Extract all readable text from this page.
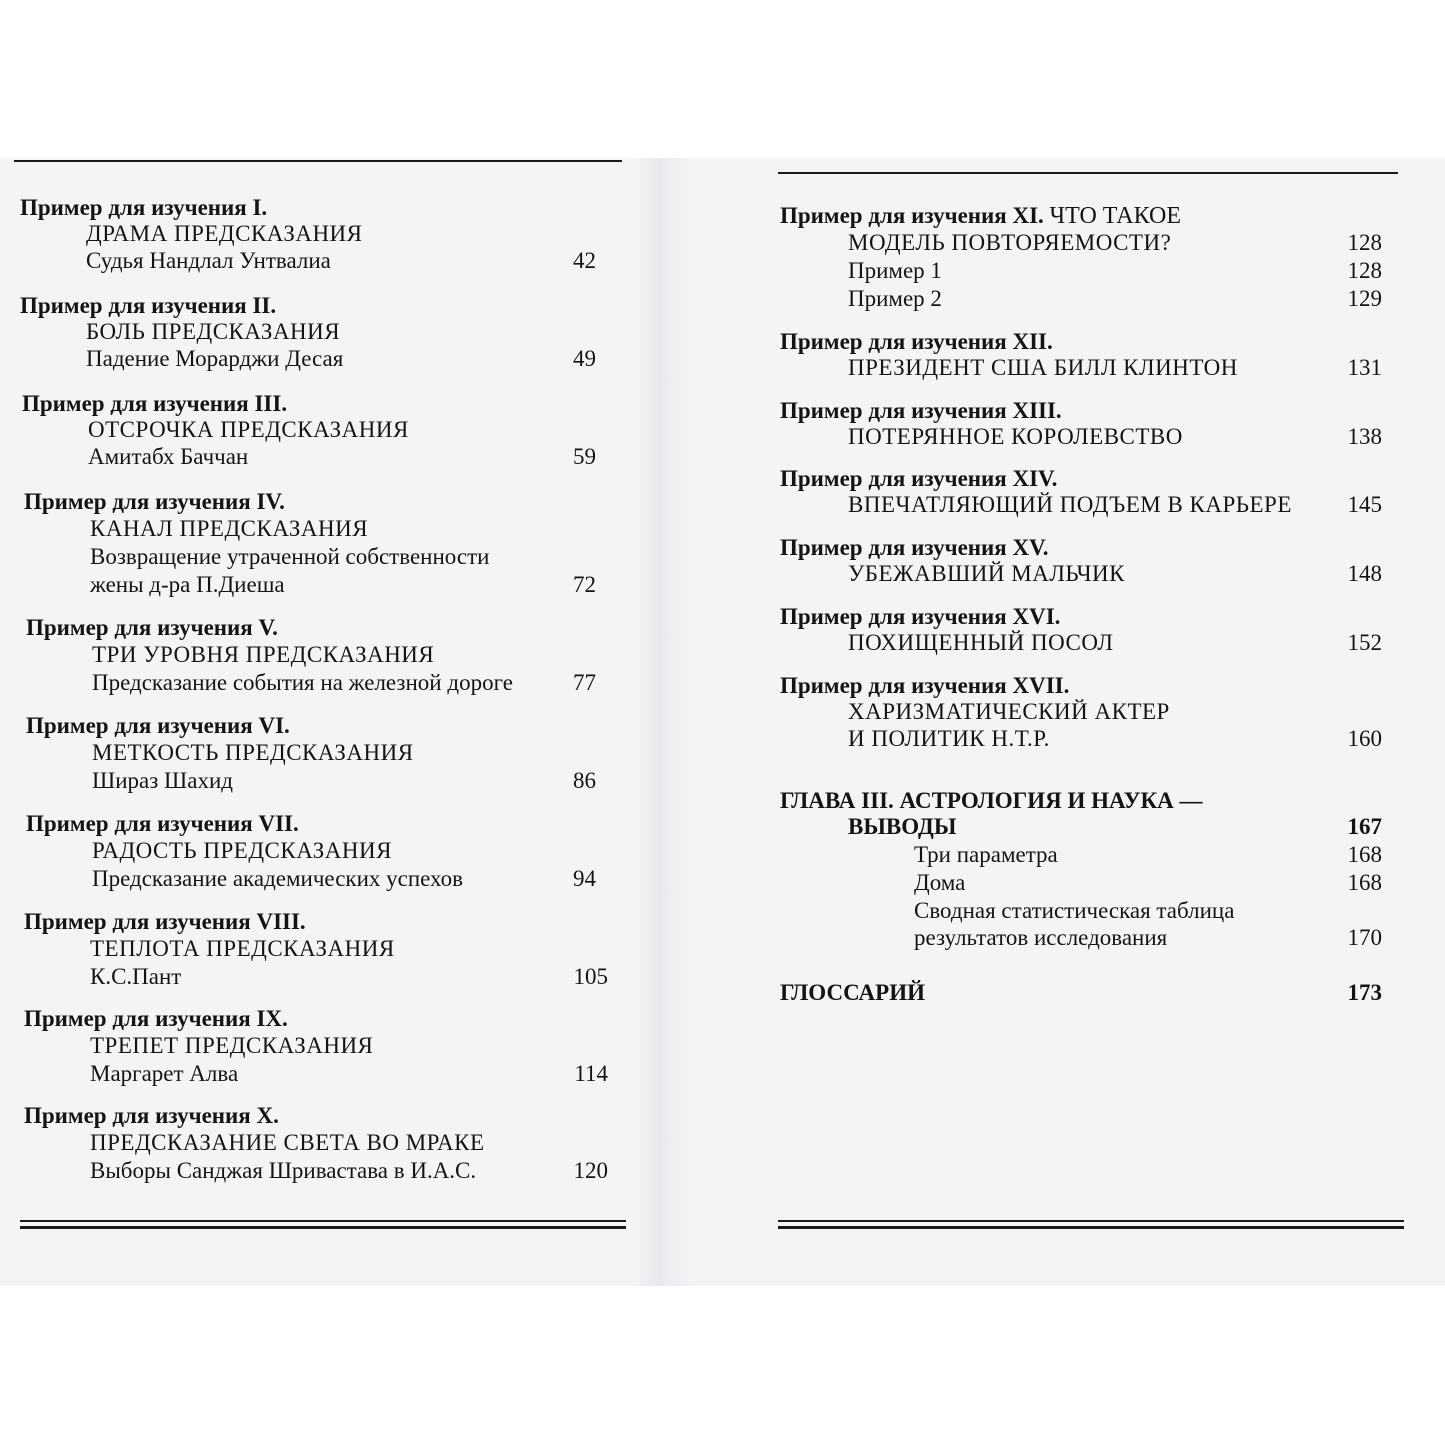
Пример для изучения I.
ДРАМА ПРЕДСКАЗАНИЯ
Судья Нандлал Унтвалиа	42
Пример для изучения II.
БОЛЬ ПРЕДСКАЗАНИЯ
Падение Морарджи Десая	49
Пример для изучения III.
ОТСРОЧКА ПРЕДСКАЗАНИЯ
Амитабх Баччан	59
Пример для изучения IV.
КАНАЛ ПРЕДСКАЗАНИЯ
Возвращение утраченной собственности
жены д-ра П.Диеша	72
Пример для изучения V.
ТРИ УРОВНЯ ПРЕДСКАЗАНИЯ
Предсказание события на железной дороге	77
Пример для изучения VI.
МЕТКОСТЬ ПРЕДСКАЗАНИЯ
Шираз Шахид	86
Пример для изучения VII.
РАДОСТЬ ПРЕДСКАЗАНИЯ
Предсказание академических успехов	94
Пример для изучения VIII.
ТЕПЛОТА ПРЕДСКАЗАНИЯ
К.С.Пант	105
Пример для изучения IX.
ТРЕПЕТ ПРЕДСКАЗАНИЯ
Маргарет Алва	114
Пример для изучения X.
ПРЕДСКАЗАНИЕ СВЕТА ВО МРАКЕ
Выборы Санджая Шривастава в И.А.С.	120
Пример для изучения XI. ЧТО ТАКОЕ
МОДЕЛЬ ПОВТОРЯЕМОСТИ?	128
Пример 1	128
Пример 2	129
Пример для изучения XII.
ПРЕЗИДЕНТ США БИЛЛ КЛИНТОН	131
Пример для изучения XIII.
ПОТЕРЯННОЕ КОРОЛЕВСТВО	138
Пример для изучения XIV.
ВПЕЧАТЛЯЮЩИЙ ПОДЪЕМ В КАРЬЕРЕ	145
Пример для изучения XV.
УБЕЖАВШИЙ МАЛЬЧИК	148
Пример для изучения XVI.
ПОХИЩЕННЫЙ ПОСОЛ	152
Пример для изучения XVII.
ХАРИЗМАТИЧЕСКИЙ АКТЕР
И ПОЛИТИК Н.Т.Р.	160
ГЛАВА III. АСТРОЛОГИЯ И НАУКА —
ВЫВОДЫ	167
Три параметра	168
Дома	168
Сводная статистическая таблица
результатов исследования	170
ГЛОССАРИЙ	173
